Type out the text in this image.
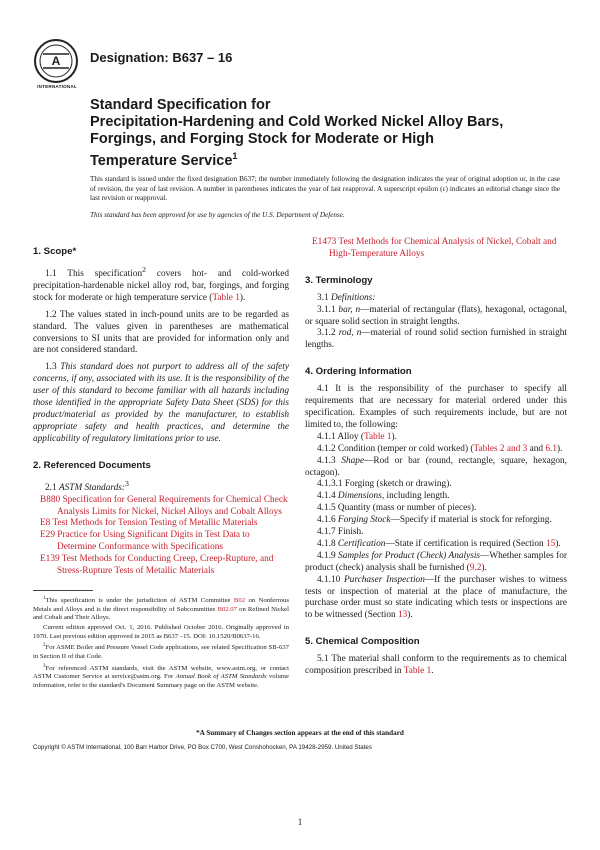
A
INTERNATIONAL
Designation: B637 – 16
Standard Specification for
Precipitation-Hardening and Cold Worked Nickel Alloy Bars,
Forgings, and Forging Stock for Moderate or High
Temperature Service$^1$
This standard is issued under the fixed designation B637; the number immediately following the designation indicates the year of original adoption or, in the case of revision, the year of last revision. A number in parentheses indicates the year of last reapproval. A superscript epsilon (ε) indicates an editorial change since the last revision or reapproval.
This standard has been approved for use by agencies of the U.S. Department of Defense.
1. Scope*

1.1 This specification$^2$ covers hot- and cold-worked precipitation-hardenable nickel alloy rod, bar, forgings, and forging stock for moderate or high temperature service (Table 1).

1.2 The values stated in inch-pound units are to be regarded as standard. The values given in parentheses are mathematical conversions to SI units that are provided for information only and are not considered standard.

1.3 This standard does not purport to address all of the safety concerns, if any, associated with its use. It is the responsibility of the user of this standard to become familiar with all hazards including those identified in the appropriate Safety Data Sheet (SDS) for this product/material as provided by the manufacturer, to establish appropriate safety and health practices, and determine the applicability of regulatory limitations prior to use.

2. Referenced Documents

2.1 ASTM Standards:$^3$

B880 Specification for General Requirements for Chemical Check Analysis Limits for Nickel, Nickel Alloys and Cobalt Alloys

E8 Test Methods for Tension Testing of Metallic Materials

E29 Practice for Using Significant Digits in Test Data to Determine Conformance with Specifications

E139 Test Methods for Conducting Creep, Creep-Rupture, and Stress-Rupture Tests of Metallic Materials

E1473 Test Methods for Chemical Analysis of Nickel, Cobalt and High-Temperature Alloys

3. Terminology

3.1 Definitions:

3.1.1 bar, n—material of rectangular (flats), hexagonal, octagonal, or square solid section in straight lengths.

3.1.2 rod, n—material of round solid section furnished in straight lengths.

4. Ordering Information

4.1 It is the responsibility of the purchaser to specify all requirements that are necessary for material ordered under this specification. Examples of such requirements include, but are not limited to, the following:

4.1.1 Alloy (Table 1).

4.1.2 Condition (temper or cold worked) (Tables 2 and 3 and 6.1).

4.1.3 Shape—Rod or bar (round, rectangle, square, hexagon, octagon).

4.1.3.1 Forging (sketch or drawing).

4.1.4 Dimensions, including length.

4.1.5 Quantity (mass or number of pieces).

4.1.6 Forging Stock—Specify if material is stock for reforging.

4.1.7 Finish.

4.1.8 Certification—State if certification is required (Section 15).

4.1.9 Samples for Product (Check) Analysis—Whether samples for product (check) analysis shall be furnished (9.2).

4.1.10 Purchaser Inspection—If the purchaser wishes to witness tests or inspection of material at the place of manufacture, the purchase order must so state indicating which tests or inspections are to be witnessed (Section 13).

5. Chemical Composition

5.1 The material shall conform to the requirements as to chemical composition prescribed in Table 1.

$^1$This specification is under the jurisdiction of ASTM Committee B02 on Nonferrous Metals and Alloys and is the direct responsibility of Subcommittee B02.07 on Refined Nickel and Cobalt and Their Alloys.

Current edition approved Oct. 1, 2016. Published October 2016. Originally approved in 1970. Last previous edition approved in 2015 as B637 –15. DOI: 10.1520/B0637-16.

$^2$For ASME Boiler and Pressure Vessel Code applications, see related Specification SB-637 in Section II of that Code.

$^3$For referenced ASTM standards, visit the ASTM website, www.astm.org, or contact ASTM Customer Service at service@astm.org. For Annual Book of ASTM Standards volume information, refer to the standard's Document Summary page on the ASTM website.

*A Summary of Changes section appears at the end of this standard
Copyright © ASTM International, 100 Barr Harbor Drive, PO Box C700, West Conshohocken, PA 19428-2959. United States
1
